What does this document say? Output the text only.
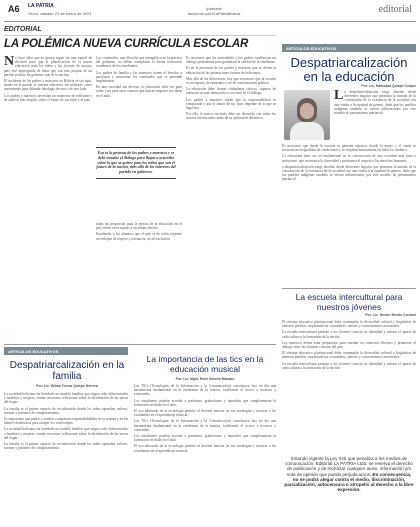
A6 LA PATRIA
Oruro, sábado 23 de enero de 2021
/patriaob
facebook.com/LaPatriaBolivia	editorial
EDITORIAL
LA POLÉMICA NUEVA CURRÍCULA ESCOLAR

No hace falta que se quiera seguir en una espiral de división para que la planificación de la nueva educación para los niños y los jóvenes de nuestro país esté impregnada de ideas que son más propias de un partido político en gobierno que de la nación.

El incidente de los padres y maestros en Bolivia se vio aquí, donde en el pasado el sistema educativo fue utilizado como instrumento para difundir ideología de uno o de otro lado.

Los padres y maestros necesitan un momento de reflexión y de análisis más amplio, sobre el futuro de sus hijos y el país.

Los contenidos, una filosofía que ejemplifica en la práctica del gobierno, no deben reemplazar la buena formación académica de los estudiantes.

Los padres de familia y los maestros tienen el derecho a participar y cuestionar los contenidos que se pretende implementar.

En una sociedad tan diversa, la educación debe ser para todos y no para unos cuantos que buscan imponer sus ideas en el aula.

Esa es la protesta de los padres y maestros y se debe instalar el diálogo para llegar a acuerdos sobre lo que se quiere para los niños que son el futuro de la nación, más allá de los intereses del partido en gobierno.

todas las propuestas para la mejora de la educación en el país deben estar sujetas a un debate abierto.

Enseñarles a los alumnos que el país es de todos requiere un enfoque de respeto y tolerancia, no de exclusión.

Es necesario que las autoridades y los padres establezcan un diálogo permanente para garantizar la calidad de la enseñanza.

Es en la presencia de los padres y maestros que se define la educación de las generaciones futuras de bolivianos.

Más allá de las diferencias, hay que reconocer que la escuela es un espacio de encuentro y no de confrontación política.

La educación debe formar ciudadanos críticos, capaces de construir un país democrático con base en el diálogo.

Los padres y maestros saben que la responsabilidad es compartida y que el futuro de sus hijos depende de lo que se haga hoy.

Por ello, la nueva currícula debe ser discutida con todos los actores involucrados antes de su aplicación definitiva.

ARTÍCULOS EDUCATIVOS
Despatriarcalización en la educación
Por: Lic. Natividad Quispe Colque

La despatriarcalización exige abordar desde diferentes ángulos que permitan la mirada de la constitución de la existencia de la sociedad con una vuelta a la equidad de género, dado que los pueblos indígenas también se vieron influenciados por este modelo de pensamiento patriarcal.

Es necesario que desde la escuela se generen espacios donde la mujer y el varón se reconozcan en igualdad de condiciones y se respeten mutuamente en todos los ámbitos.

La educación tiene un rol fundamental en la construcción de una sociedad más justa e incluyente, que reconozca la diversidad y promueva el respeto a los derechos humanos.

a despatriarcalización exige abordar desde diferentes ángulos que permitan la mirada de la constitución de la existencia de la sociedad con una vuelta a la equidad de género, dado que los pueblos indígenas también se vieron influenciados por este modelo de pensamiento patriarcal.

La escuela intercultural para nuestros jóvenes
Por: Lic. Nestor Benito Condori

El sistema educativo plurinacional debe contemplar la diversidad cultural y lingüística de nuestros pueblos, respetando las costumbres, saberes y conocimientos ancestrales.

La escuela intercultural permite a los jóvenes conocer su identidad y valorar el aporte de cada cultura a la formación de la nación.

Los maestros deben estar preparados para enseñar en contextos diversos y promover el diálogo entre las distintas culturas del país.

El sistema educativo plurinacional debe contemplar la diversidad cultural y lingüística de nuestros pueblos, respetando las costumbres, saberes y conocimientos ancestrales.

La escuela intercultural permite a los jóvenes conocer su identidad y valorar el aporte de cada cultura a la formación de la nación.

Estando vigente la Ley 045 que penaliza a los medios de comunicación, Editorial LA PATRIA Ltda. se reserva el derecho de publicación y de rechazar cualquier aviso, información y/o nota de opinión que pueda perjudicarnos. En consecuencia, no se podrá alegar contra el medio, discriminación, parcialización, autocensura o atropello al derecho a la libre expresión.
ARTÍCULOS EDUCATIVOS
Despatriarcalización en la familia
Por: Lic. Wilma Teresa Quispe Herrera

La sociedad boliviana ha heredado un modelo familiar que asigna roles diferenciados a hombres y mujeres, siendo necesario reflexionar sobre la distribución de las tareas del hogar.

La familia es el primer espacio de socialización donde los niños aprenden valores, normas y patrones de comportamiento.

Es importante que padres y madres compartan responsabilidades en la crianza y en las labores domésticas para romper los estereotipos.

La sociedad boliviana ha heredado un modelo familiar que asigna roles diferenciados a hombres y mujeres, siendo necesario reflexionar sobre la distribución de las tareas del hogar.

La familia es el primer espacio de socialización donde los niños aprenden valores, normas y patrones de comportamiento.

La importancia de las tics en la educación musical
Por: Lic. Mgst. René Alberto Mamani

Las TICs (Tecnologías de la Información y la Comunicación) constituyen hoy en día una herramienta fundamental en la enseñanza de la música, facilitando el acceso a recursos y contenidos.

Los estudiantes pueden acceder a partituras, grabaciones y tutoriales que complementan la formación recibida en el aula.

El uso adecuado de la tecnología permite al docente innovar en sus estrategias y motivar a los estudiantes en el aprendizaje musical.

Las TICs (Tecnologías de la Información y la Comunicación) constituyen hoy en día una herramienta fundamental en la enseñanza de la música, facilitando el acceso a recursos y contenidos.

Los estudiantes pueden acceder a partituras, grabaciones y tutoriales que complementan la formación recibida en el aula.

El uso adecuado de la tecnología permite al docente innovar en sus estrategias y motivar a los estudiantes en el aprendizaje musical.
